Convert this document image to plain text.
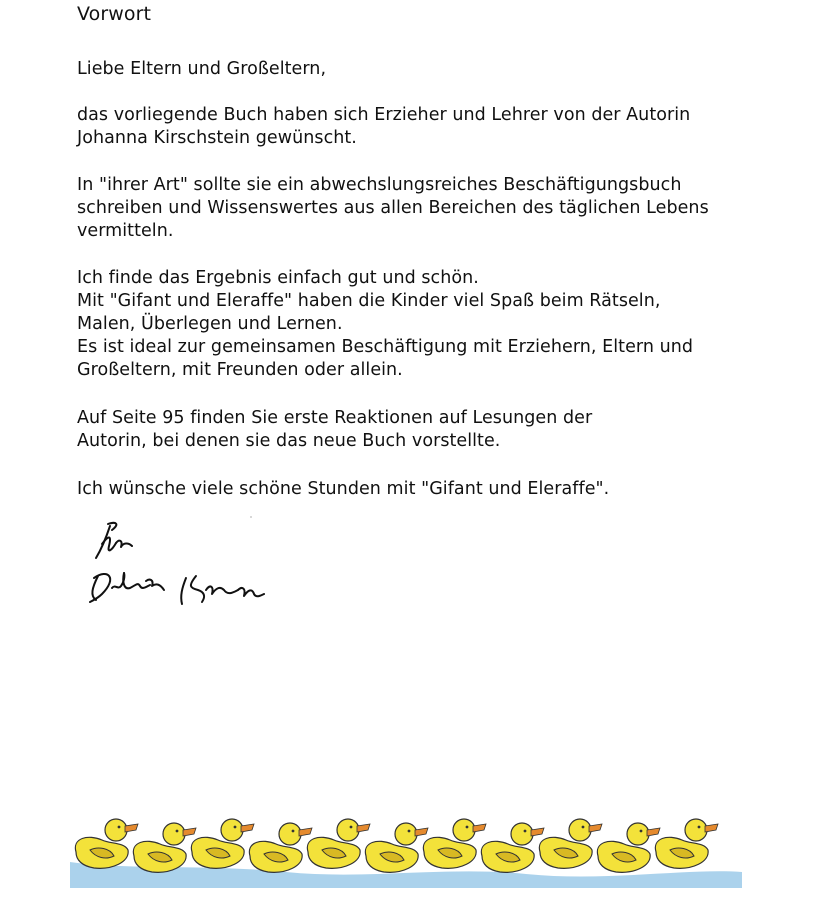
Vorwort
Liebe Eltern und Großeltern,
das vorliegende Buch haben sich Erzieher und Lehrer von der Autorin
Johanna Kirschstein gewünscht.
In "ihrer Art" sollte sie ein abwechslungsreiches Beschäftigungsbuch
schreiben und Wissenswertes aus allen Bereichen des täglichen Lebens
vermitteln.
Ich finde das Ergebnis einfach gut und schön.
Mit "Gifant und Eleraffe" haben die Kinder viel Spaß beim Rätseln,
Malen, Überlegen und Lernen.
Es ist ideal zur gemeinsamen Beschäftigung mit Erziehern, Eltern und
Großeltern, mit Freunden oder allein.
Auf Seite 95 finden Sie erste Reaktionen auf Lesungen der
Autorin, bei denen sie das neue Buch vorstellte.
Ich wünsche viele schöne Stunden mit "Gifant und Eleraffe".
